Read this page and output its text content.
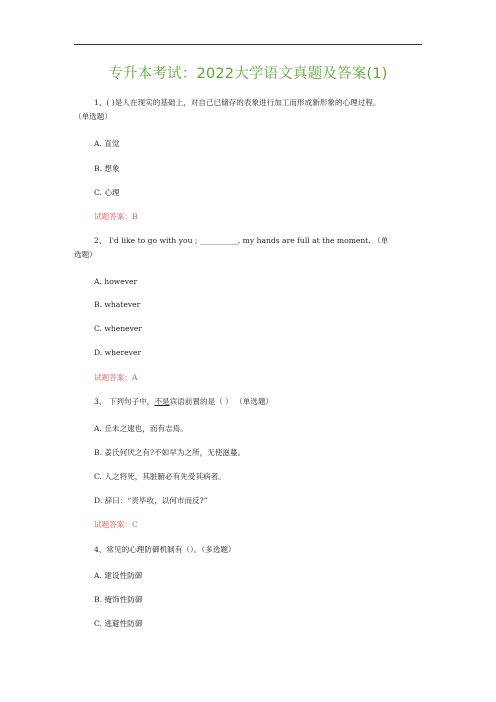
专升本考试：2022大学语文真题及答案(1)
1、( )是人在现实的基础上，对自己已储存的表象进行加工而形成新形象的心理过程。
（单选题）
A. 直觉
B. 想象
C. 心理
试题答案：B
2、 I'd like to go with you ; __________, my hands are full at the moment. （单
选题）
A. however
B. whatever
C. whenever
D. wherever
试题答案：A
3、 下列句子中，不是宾语前置的是（ ） （单选题）
A. 丘未之逮也，而有志焉。
B. 姜氏何厌之有?不如早为之所，无使滋蔓。
C. 人之将死，其脏腑必有先受其病者。
D. 辞曰：“责毕收，以何市而反?”
试题答案：C
4、常见的心理防御机制有（）。（多选题）
A. 建设性防御
B. 掩饰性防御
C. 逃避性防御
